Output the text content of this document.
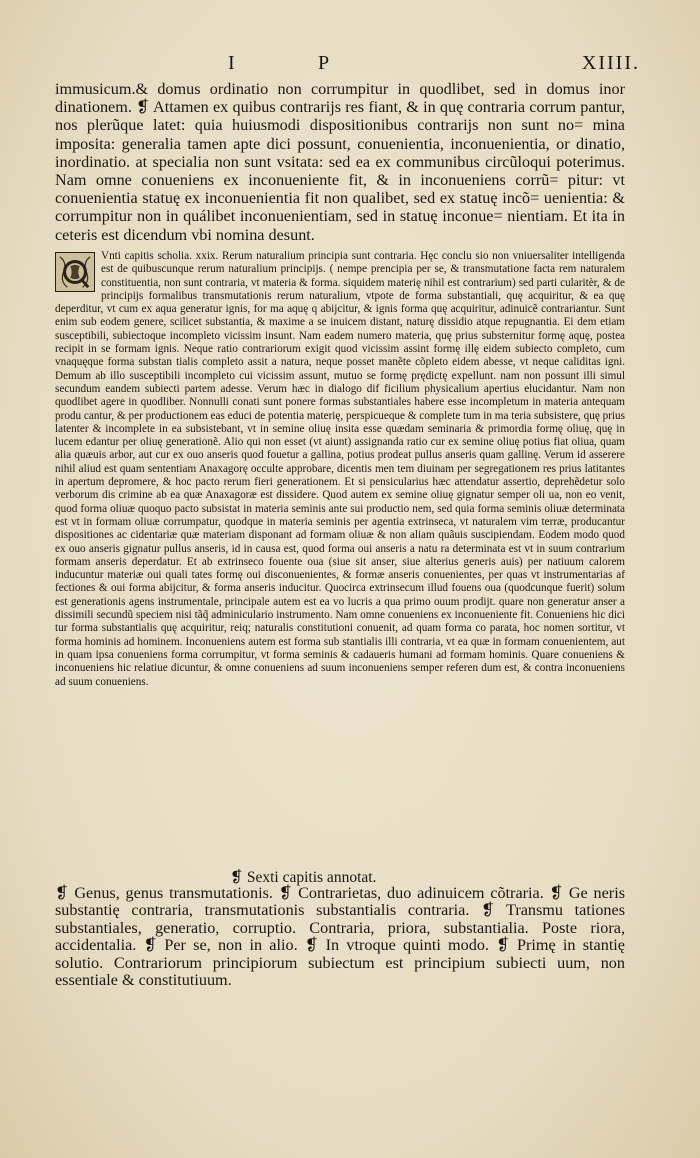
I	P	XIIII.

immusicum.& domus ordinatio non corrumpitur in quodlibet, sed in domus inor dinationem. ❡ Attamen ex quibus contrarijs res fiant, & in quę contraria corrum pantur, nos plerũque latet: quia huiusmodi dispositionibus contrarijs non sunt no= mina imposita: generalia tamen apte dici possunt, conuenientia, inconuenientia, or dinatio, inordinatio. at specialia non sunt vsitata: sed ea ex communibus circũloqui poterimus. Nam omne conueniens ex inconueniente fit, & in inconueniens corrũ= pitur: vt conuenientia statuę ex inconuenientia fit non qualibet, sed ex statuę incõ= uenientia: & corrumpitur non in quálibet inconuenientiam, sed in statuę inconue= nientiam. Et ita in ceteris est dicendum vbi nomina desunt.

Vnti capitis scholia. xxix. Rerum naturalium principia sunt contraria. Hęc conclu sio non vniuersaliter intelligenda est de quibuscunque rerum naturalium principijs. ( nempe prencipia per se, & transmutatione facta rem naturalem constituentia, non sunt contraria, vt materia & forma. siquidem materię nihil est contrarium) sed parti cularitèr, & de principijs formalibus transmutationis rerum naturalium, vtpote de forma substantiali, quę acquiritur, & ea quę deperditur, vt cum ex aqua generatur ignis, for ma aquę q abijcitur, & ignis forma quę acquiritur, adinuicẽ contrariantur. Sunt enim sub eodem genere, scilicet substantia, & maxime a se inuicem distant, naturę dissidio atque repugnantia. Ei dem etiam susceptibili, subiectoque incompleto vicissim insunt. Nam eadem numero materia, quę prius substernitur formę aquę, postea recipit in se formam ignis. Neque ratio contrariorum exigit quod vicissim assint formę illę eidem subiecto completo, cum vnaquęque forma substan tialis completo assit a natura, neque posset manẽte cõpleto eidem abesse, vt neque caliditas igni. Demum ab illo susceptibili incompleto cui vicissim assunt, mutuo se formę prędictę expellunt. nam non possunt illi simul secundum eandem subiecti partem adesse. Verum hæc in dialogo dif ficilium physicalium apertius elucidantur. Nam non quodlibet agere in quodliber. Nonnulli conati sunt ponere formas substantiales habere esse incompletum in materia antequam produ cantur, & per productionem eas educi de potentia materię, perspicueque & complete tum in ma teria subsistere, quę prius latenter & incomplete in ea subsistebant, vt in semine oliuę insita esse quædam seminaria & primordia formę oliuę, quę in lucem edantur per oliuę generationẽ. Alio qui non esset (vt aiunt) assignanda ratio cur ex semine oliuę potius fiat oliua, quam alia quæuis arbor, aut cur ex ouo anseris quod fouetur a gallina, potius prodeat pullus anseris quam gallinę. Verum id asserere nihil aliud est quam sententiam Anaxagorę occulte approbare, dicentis men tem diuinam per segregationem res prius latitantes in apertum depromere, & hoc pacto rerum fieri generationem. Et si pensicularius hæc attendatur assertio, deprehẽdetur solo verborum dis crimine ab ea quæ Anaxagoræ est dissidere. Quod autem ex semine oliuę gignatur semper oli ua, non eo venit, quod forma oliuæ quoquo pacto subsistat in materia seminis ante sui productio nem, sed quia forma seminis oliuæ determinata est vt in formam oliuæ corrumpatur, quodque in materia seminis per agentia extrinseca, vt naturalem vim terræ, producantur dispositiones ac cidentariæ quæ materiam disponant ad formam oliuæ & non aliam quãuis suscipiendam. Eodem modo quod ex ouo anseris gignatur pullus anseris, id in causa est, quod forma oui anseris a natu ra determinata est vt in suum contrarium formam anseris deperdatur. Et ab extrinseco fouente oua (siue sit anser, siue alterius generis auis) per natiuum calorem inducuntur materiæ oui quali tates formę oui disconuenientes, & formæ anseris conuenientes, per quas vt instrumentarias af fectiones & oui forma abijcitur, & forma anseris inducitur. Quocirca extrinsecum illud fouens oua (quodcunque fuerit) solum est generationis agens instrumentale, principale autem est ea vo lucris a qua primo ouum prodijt. quare non generatur anser a dissimili secundũ speciem nisi tãq̃ adminiculario instrumento. Nam omne conueniens ex inconueniente fit. Conueniens hic dici tur forma substantialis quę acquiritur, reiq; naturalis constitutioni conuenit, ad quam forma co parata, hoc nomen sortitur, vt forma hominis ad hominem. Inconueniens autem est forma sub stantialis illi contraria, vt ea quæ in formam conuenientem, aut in quam ipsa conueniens forma corrumpitur, vt forma seminis & cadaueris humani ad formam hominis. Quare conueniens & inconueniens hic relatiue dicuntur, & omne conueniens ad suum inconueniens semper referen dum est, & contra inconueniens ad suum conueniens.

❡ Sexti capitis annotat.

❡ Genus, genus transmutationis. ❡ Contrarietas, duo adinuicem cõtraria. ❡ Ge neris substantię contraria, transmutationis substantialis contraria. ❡ Transmu tationes substantiales, generatio, corruptio. Contraria, priora, substantialia. Poste riora, accidentalia. ❡ Per se, non in alio. ❡ In vtroque quinti modo. ❡ Primę in stantię solutio. Contrariorum principiorum subiectum est principium subiecti uum, non essentiale & constitutiuum.
